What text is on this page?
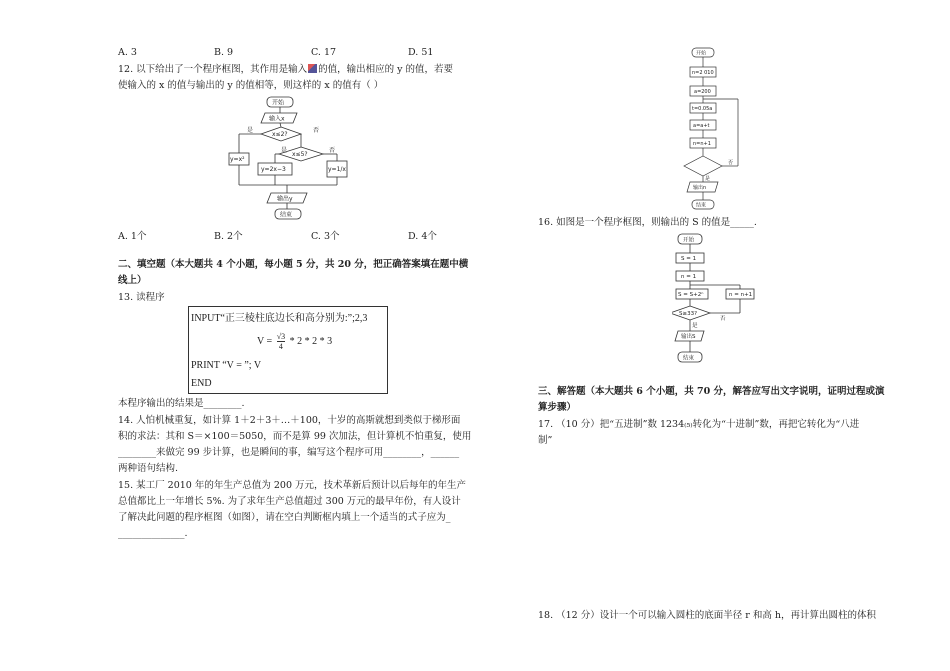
A. 3	B. 9	C. 17	D. 51
12. 以下给出了一个程序框图，其作用是输入 的值，输出相应的 y 的值，若要
使输入的 x 的值与输出的 y 的值相等，则这样的 x 的值有（ ）
开始
输入x
x≤2?
是	否
x≤5?
是	否
y=x²
y=2x−3	y=1/x
输出y
结束
A. 1个	B. 2个	C. 3个	D. 4个
二、填空题（本大题共 4 个小题，每小题 5 分，共 20 分，把正确答案填在题中横
线上）
13. 读程序
INPUT“正三棱柱底边长和高分别为:”;2,3
$V = \frac{√3}{4} * 2 * 2 * 3$
PRINT “V = ”; V
END
本程序输出的结果是________.
14. 人怕机械重复，如计算 1＋2＋3＋…＋100，十岁的高斯就想到类似于梯形面
积的求法：其和 S＝×100＝5050，而不是算 99 次加法，但计算机不怕重复，使用
________来做完 99 步计算，也是瞬间的事，编写这个程序可用________，______
两种语句结构.
15. 某工厂 2010 年的年生产总值为 200 万元，技术革新后预计以后每年的年生产
总值都比上一年增长 5%. 为了求年生产总值超过 300 万元的最早年份，有人设计
了解决此问题的程序框图（如图），请在空白判断框内填上一个适当的式子应为_
______________.
开始
n=2 010
a=200
t=0.05a
a=a+t
n=n+1
否
是
输出n
结束
16. 如图是一个程序框图，则输出的 S 的值是_____.
开始
S = 1
n = 1
S = S+2ⁿ	n = n+1
S≥33?
否
是
输出S
结束
三、解答题（本大题共 6 个小题，共 70 分，解答应写出文字说明，证明过程或演
算步骤）
17. （10 分）把“五进制”数 1234₍₅₎转化为“十进制”数，再把它转化为“八进
制”
18. （12 分）设计一个可以输入圆柱的底面半径 r 和高 h，再计算出圆柱的体积
